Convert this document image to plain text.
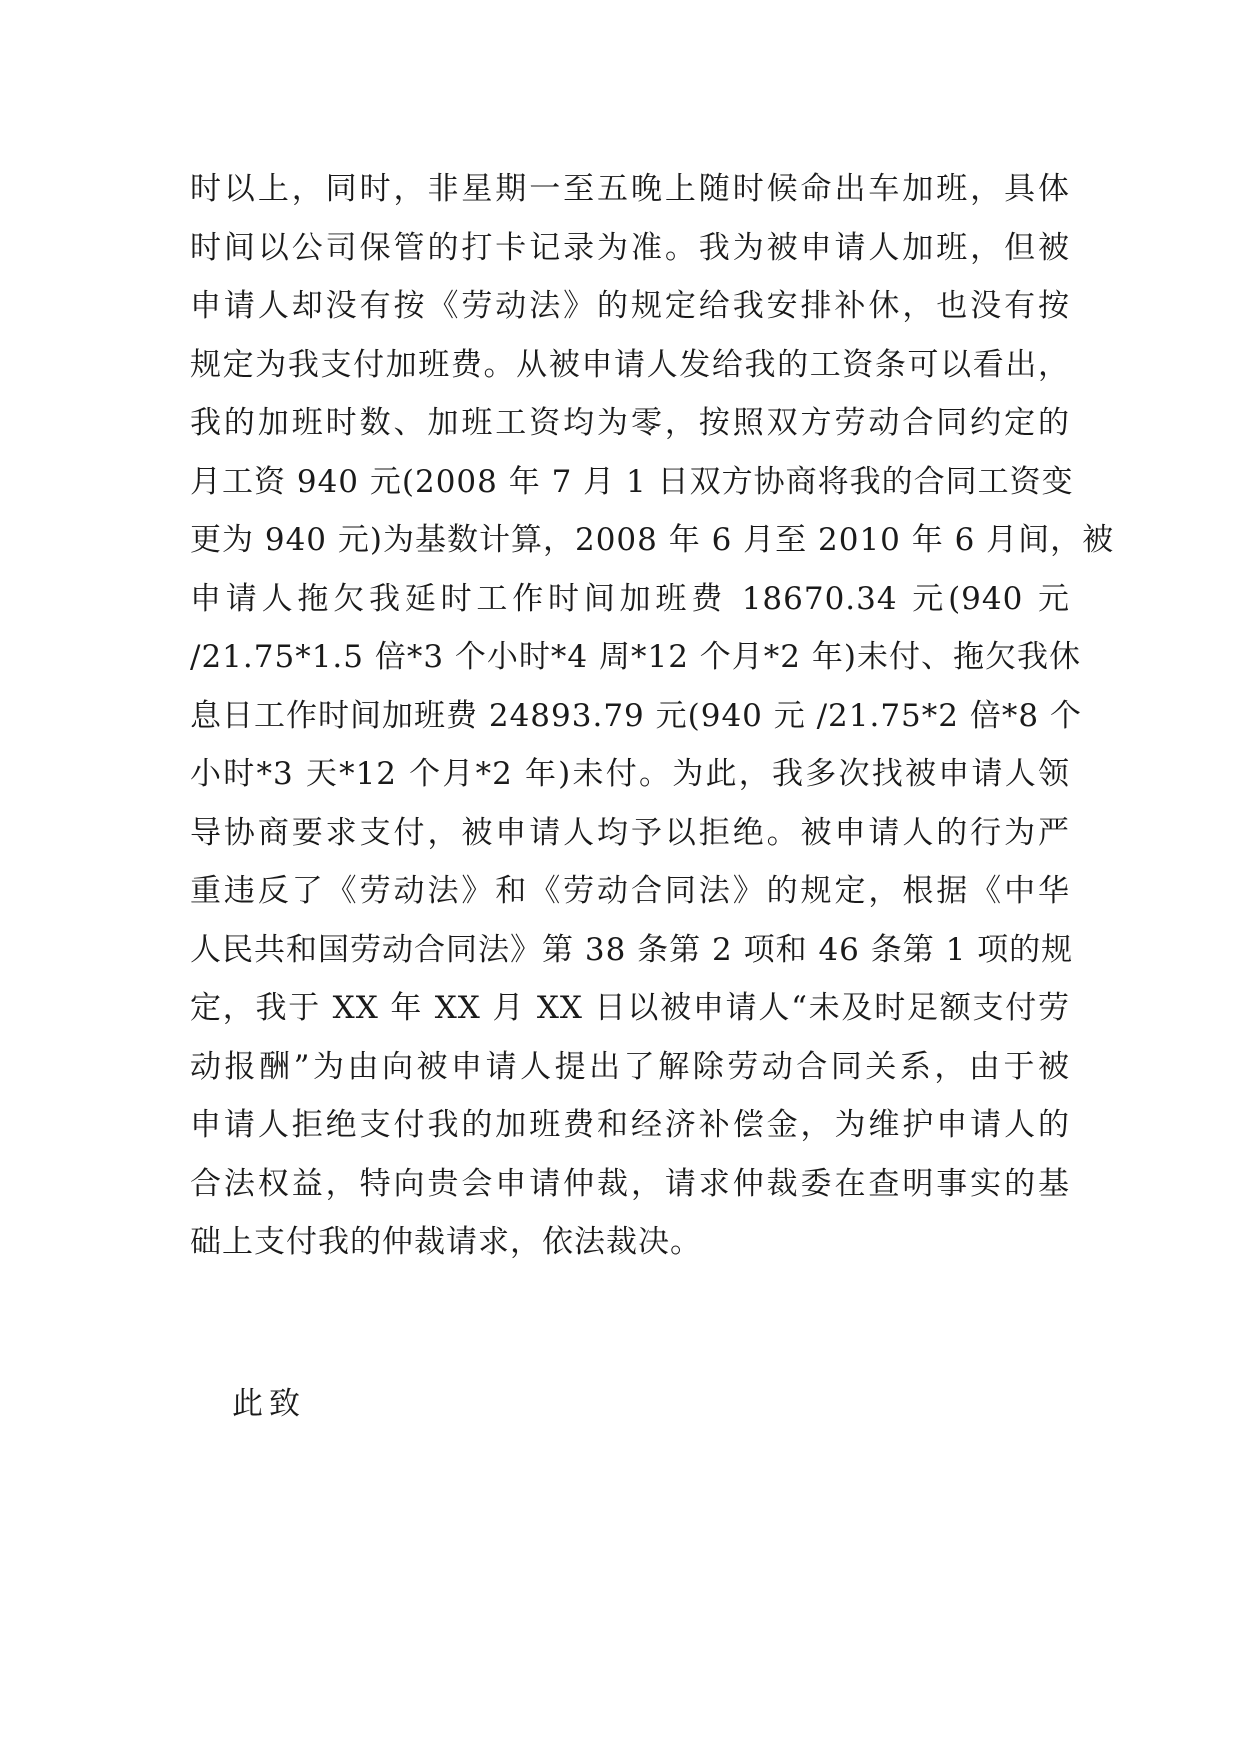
时以上，同时，非星期一至五晚上随时候命出车加班，具体
时间以公司保管的打卡记录为准。我为被申请人加班，但被
申请人却没有按《劳动法》的规定给我安排补休，也没有按
规定为我支付加班费。从被申请人发给我的工资条可以看出，
我的加班时数、加班工资均为零，按照双方劳动合同约定的
月工资 940 元(2008 年 7 月 1 日双方协商将我的合同工资变
更为 940 元)为基数计算，2008 年 6 月至 2010 年 6 月间，被
申请人拖欠我延时工作时间加班费 18670.34 元(940 元
/21.75*1.5 倍*3 个小时*4 周*12 个月*2 年)未付、拖欠我休
息日工作时间加班费 24893.79 元(940 元 /21.75*2 倍*8 个
小时*3 天*12 个月*2 年)未付。为此，我多次找被申请人领
导协商要求支付，被申请人均予以拒绝。被申请人的行为严
重违反了《劳动法》和《劳动合同法》的规定，根据《中华
人民共和国劳动合同法》第 38 条第 2 项和 46 条第 1 项的规
定，我于 XX 年 XX 月 XX 日以被申请人“未及时足额支付劳
动报酬”为由向被申请人提出了解除劳动合同关系，由于被
申请人拒绝支付我的加班费和经济补偿金，为维护申请人的
合法权益，特向贵会申请仲裁，请求仲裁委在查明事实的基
础上支付我的仲裁请求，依法裁决。
此致
